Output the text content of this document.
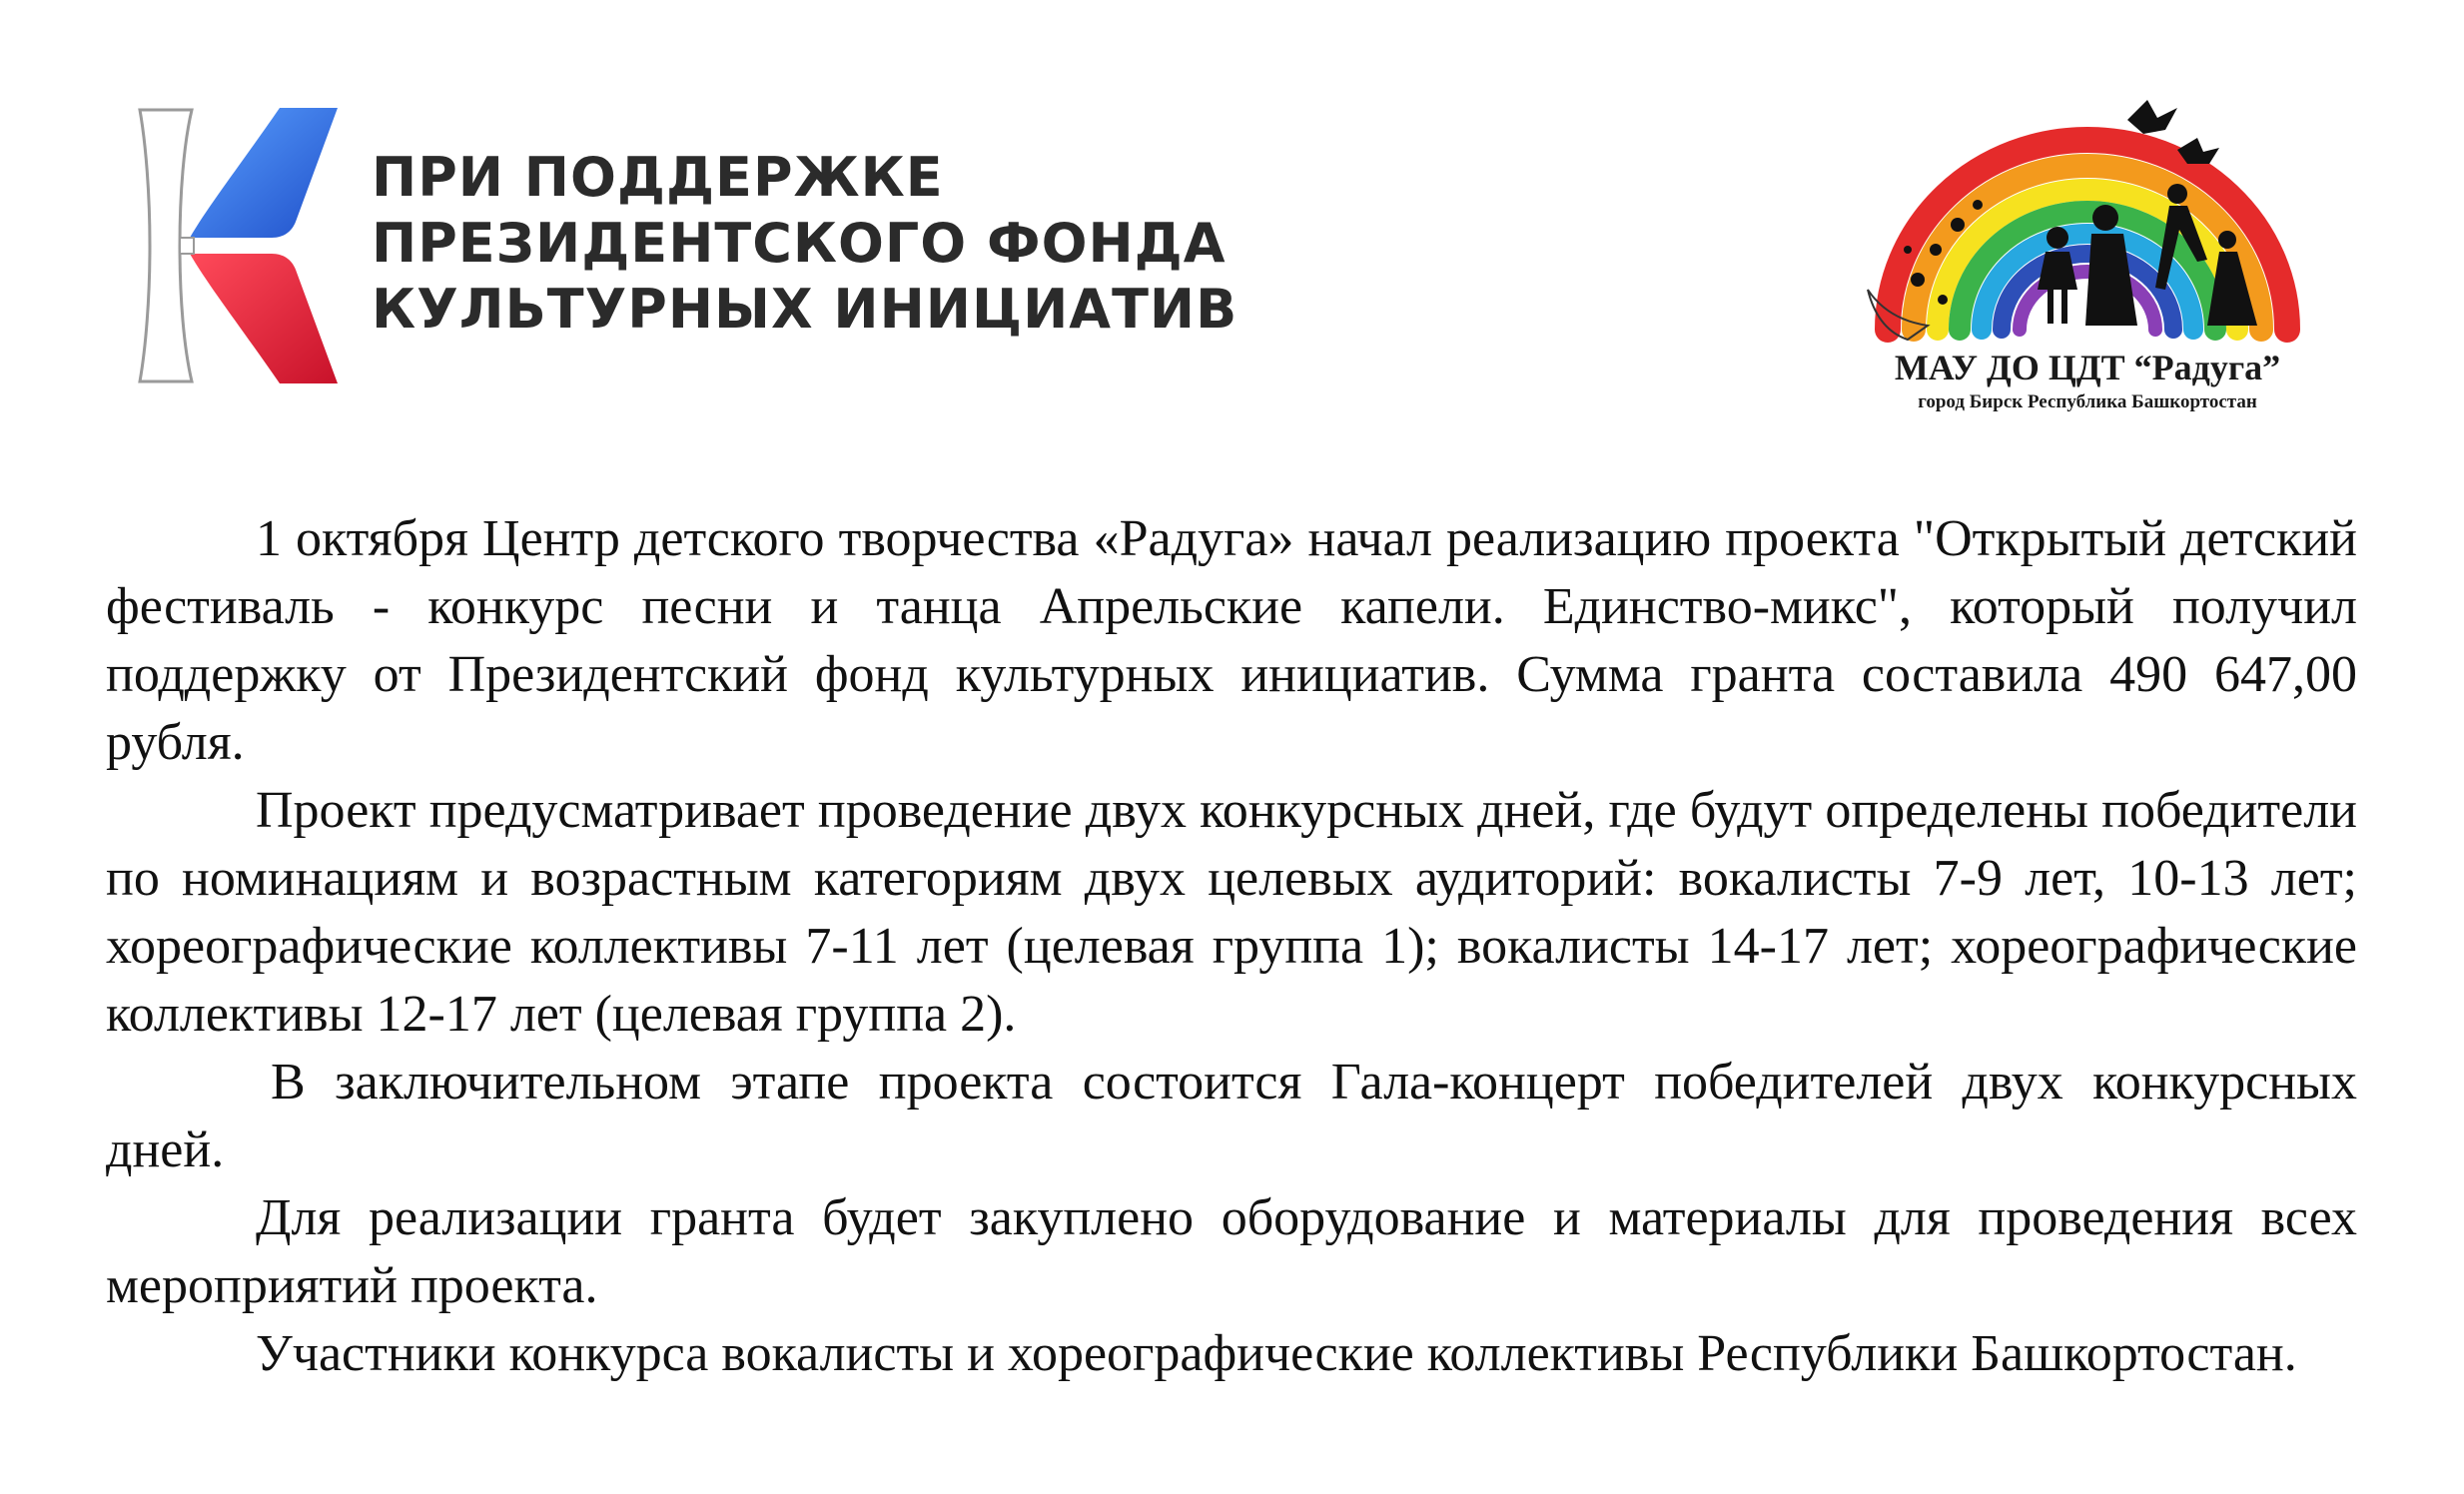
ПРИ ПОДДЕРЖКЕ
ПРЕЗИДЕНТСКОГО ФОНДА
КУЛЬТУРНЫХ ИНИЦИАТИВ
МАУ ДО ЦДТ “Радуга”
город Бирск Республика Башкортостан

1 октября Центр детского творчества «Радуга» начал реализацию проекта "Открытый детский фестиваль - конкурс песни и танца Апрельские капели. Единство-микс", который получил поддержку от Президентский фонд культурных инициатив. Сумма гранта составила 490 647,00 рубля.

Проект предусматривает проведение двух конкурсных дней, где будут определены победители по номинациям и возрастным категориям двух целевых аудиторий: вокалисты 7-9 лет, 10-13 лет; хореографические коллективы 7-11 лет (целевая группа 1); вокалисты 14-17 лет; хореографические коллективы 12-17 лет (целевая группа 2).

В заключительном этапе проекта состоится Гала-концерт победителей двух конкурсных дней.

Для реализации гранта будет закуплено оборудование и материалы для проведения всех мероприятий проекта.

Участники конкурса вокалисты и хореографические коллективы Республики Башкортостан.
